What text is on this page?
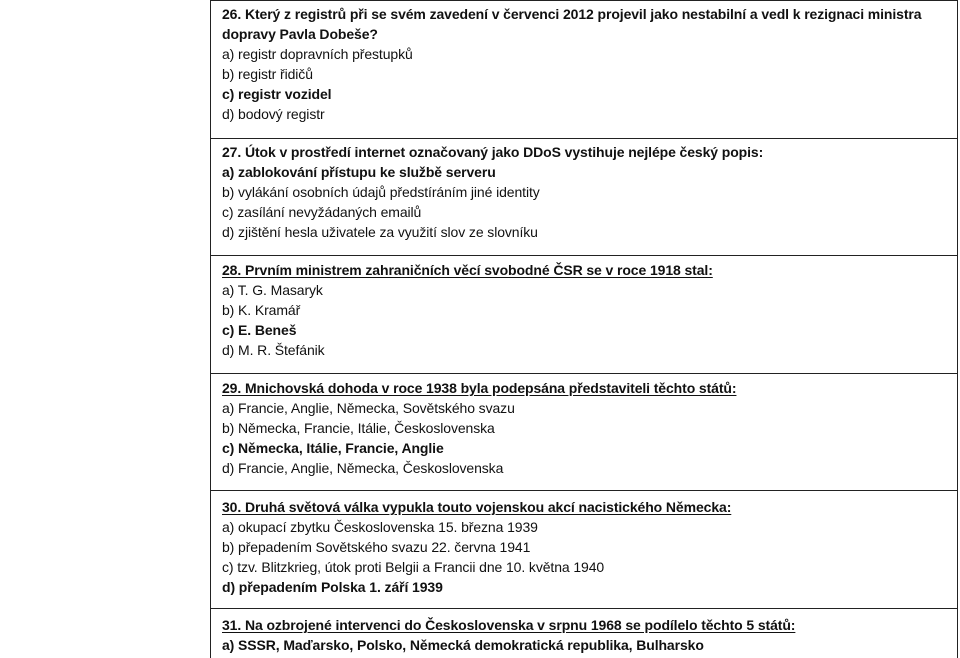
26. Který z registrů při se svém zavedení v červenci 2012 projevil jako nestabilní a vedl k rezignaci ministra
dopravy Pavla Dobeše?
a) registr dopravních přestupků
b) registr řidičů
c) registr vozidel
d) bodový registr
27. Útok v prostředí internet označovaný jako DDoS vystihuje nejlépe český popis:
a) zablokování přístupu ke službě serveru
b) vylákání osobních údajů předstíráním jiné identity
c) zasílání nevyžádaných emailů
d) zjištění hesla uživatele za využití slov ze slovníku
28. Prvním ministrem zahraničních věcí svobodné ČSR se v roce 1918 stal:
a) T. G. Masaryk
b) K. Kramář
c) E. Beneš
d) M. R. Štefánik
29. Mnichovská dohoda v roce 1938 byla podepsána představiteli těchto států:
a) Francie, Anglie, Německa, Sovětského svazu
b) Německa, Francie, Itálie, Československa
c) Německa, Itálie, Francie, Anglie
d) Francie, Anglie, Německa, Československa
30. Druhá světová válka vypukla touto vojenskou akcí nacistického Německa:
a) okupací zbytku Československa 15. března 1939
b) přepadením Sovětského svazu 22. června 1941
c) tzv. Blitzkrieg, útok proti Belgii a Francii dne 10. května 1940
d) přepadením Polska 1. září 1939
31. Na ozbrojené intervenci do Československa v srpnu 1968 se podílelo těchto 5 států:
a) SSSR, Maďarsko, Polsko, Německá demokratická republika, Bulharsko
